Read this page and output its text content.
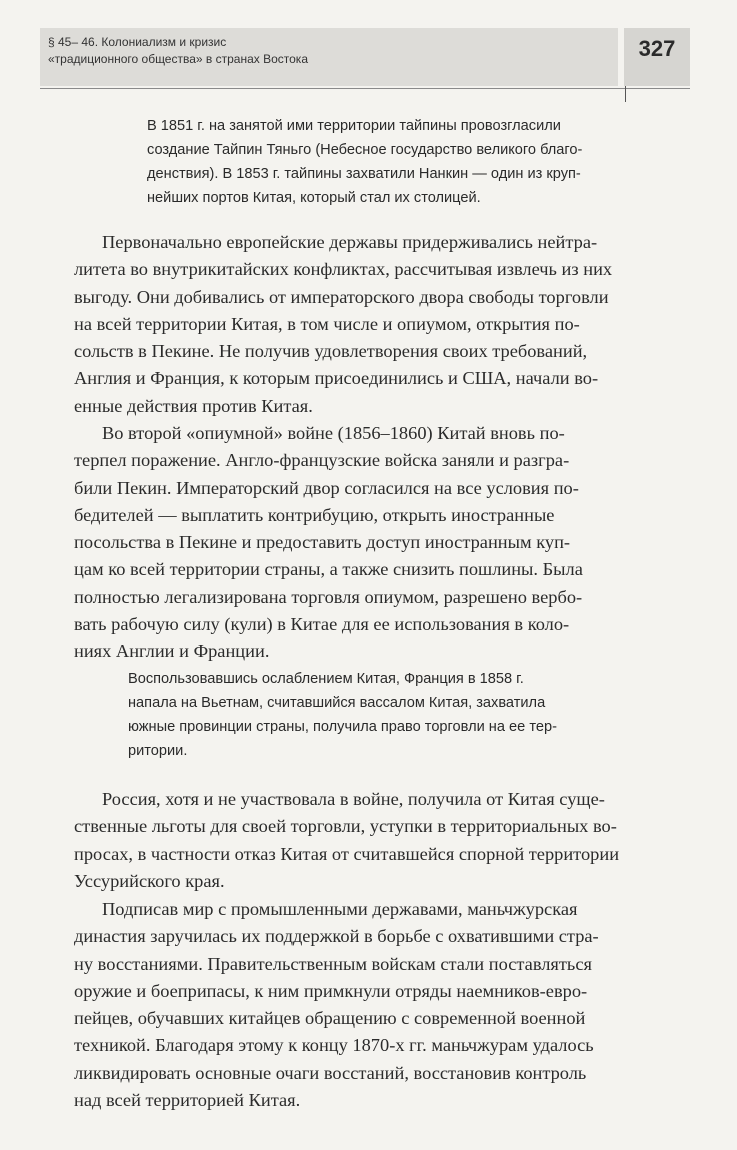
§ 45– 46. Колониализм и кризис
«традиционного общества» в странах Востока	327
В 1851 г. на занятой ими территории тайпины провозгласили
создание Тайпин Тяньго (Небесное государство великого благо-
денствия). В 1853 г. тайпины захватили Нанкин — один из круп-
нейших портов Китая, который стал их столицей.
Первоначально европейские державы придерживались нейтра-
литета во внутрикитайских конфликтах, рассчитывая извлечь из них
выгоду. Они добивались от императорского двора свободы торговли
на всей территории Китая, в том числе и опиумом, открытия по-
сольств в Пекине. Не получив удовлетворения своих требований,
Англия и Франция, к которым присоединились и США, начали во-
енные действия против Китая.
Во второй «опиумной» войне (1856–1860) Китай вновь по-
терпел поражение. Англо-французские войска заняли и разгра-
били Пекин. Императорский двор согласился на все условия по-
бедителей — выплатить контрибуцию, открыть иностранные
посольства в Пекине и предоставить доступ иностранным куп-
цам ко всей территории страны, а также снизить пошлины. Была
полностью легализирована торговля опиумом, разрешено вербо-
вать рабочую силу (кули) в Китае для ее использования в коло-
ниях Англии и Франции.
Воспользовавшись ослаблением Китая, Франция в 1858 г.
напала на Вьетнам, считавшийся вассалом Китая, захватила
южные провинции страны, получила право торговли на ее тер-
ритории.
Россия, хотя и не участвовала в войне, получила от Китая суще-
ственные льготы для своей торговли, уступки в территориальных во-
просах, в частности отказ Китая от считавшейся спорной территории
Уссурийского края.
Подписав мир с промышленными державами, маньчжурская
династия заручилась их поддержкой в борьбе с охватившими стра-
ну восстаниями. Правительственным войскам стали поставляться
оружие и боеприпасы, к ним примкнули отряды наемников-евро-
пейцев, обучавших китайцев обращению с современной военной
техникой. Благодаря этому к концу 1870-х гг. маньчжурам удалось
ликвидировать основные очаги восстаний, восстановив контроль
над всей территорией Китая.
